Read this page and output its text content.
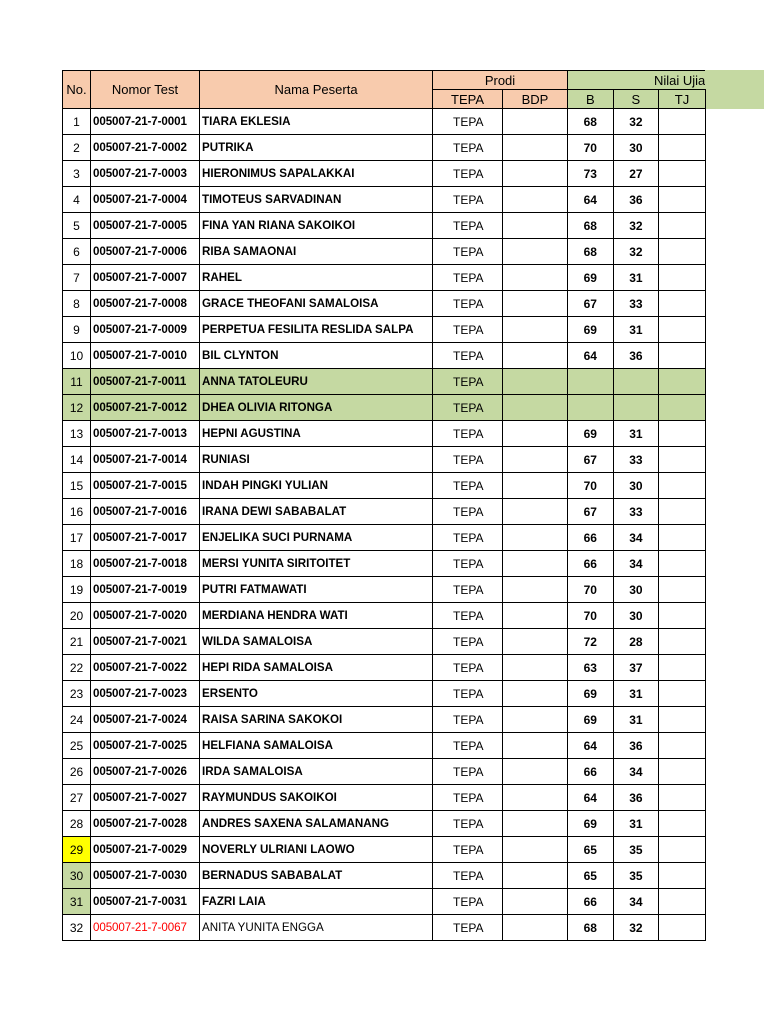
No.	Nomor Test	Nama Peserta	Prodi		Nilai Ujia		
			TEPA	BDP	B	S	TJ
1	005007-21-7-0001	TIARA EKLESIA	TEPA		68	32	
2	005007-21-7-0002	PUTRIKA	TEPA		70	30	
3	005007-21-7-0003	HIERONIMUS SAPALAKKAI	TEPA		73	27	
4	005007-21-7-0004	TIMOTEUS SARVADINAN	TEPA		64	36	
5	005007-21-7-0005	FINA YAN RIANA SAKOIKOI	TEPA		68	32	
6	005007-21-7-0006	RIBA SAMAONAI	TEPA		68	32	
7	005007-21-7-0007	RAHEL	TEPA		69	31	
8	005007-21-7-0008	GRACE THEOFANI SAMALOISA	TEPA		67	33	
9	005007-21-7-0009	PERPETUA FESILITA RESLIDA SALPA	TEPA		69	31	
10	005007-21-7-0010	BIL CLYNTON	TEPA		64	36	
11	005007-21-7-0011	ANNA TATOLEURU	TEPA				
12	005007-21-7-0012	DHEA OLIVIA RITONGA	TEPA				
13	005007-21-7-0013	HEPNI AGUSTINA	TEPA		69	31	
14	005007-21-7-0014	RUNIASI	TEPA		67	33	
15	005007-21-7-0015	INDAH PINGKI YULIAN	TEPA		70	30	
16	005007-21-7-0016	IRANA DEWI SABABALAT	TEPA		67	33	
17	005007-21-7-0017	ENJELIKA SUCI PURNAMA	TEPA		66	34	
18	005007-21-7-0018	MERSI YUNITA SIRITOITET	TEPA		66	34	
19	005007-21-7-0019	PUTRI FATMAWATI	TEPA		70	30	
20	005007-21-7-0020	MERDIANA HENDRA WATI	TEPA		70	30	
21	005007-21-7-0021	WILDA SAMALOISA	TEPA		72	28	
22	005007-21-7-0022	HEPI RIDA SAMALOISA	TEPA		63	37	
23	005007-21-7-0023	ERSENTO	TEPA		69	31	
24	005007-21-7-0024	RAISA SARINA SAKOKOI	TEPA		69	31	
25	005007-21-7-0025	HELFIANA SAMALOISA	TEPA		64	36	
26	005007-21-7-0026	IRDA SAMALOISA	TEPA		66	34	
27	005007-21-7-0027	RAYMUNDUS SAKOIKOI	TEPA		64	36	
28	005007-21-7-0028	ANDRES SAXENA SALAMANANG	TEPA		69	31	
29	005007-21-7-0029	NOVERLY ULRIANI LAOWO	TEPA		65	35	
30	005007-21-7-0030	BERNADUS SABABALAT	TEPA		65	35	
31	005007-21-7-0031	FAZRI LAIA	TEPA		66	34	
32	005007-21-7-0067	ANITA YUNITA ENGGA	TEPA		68	32	
